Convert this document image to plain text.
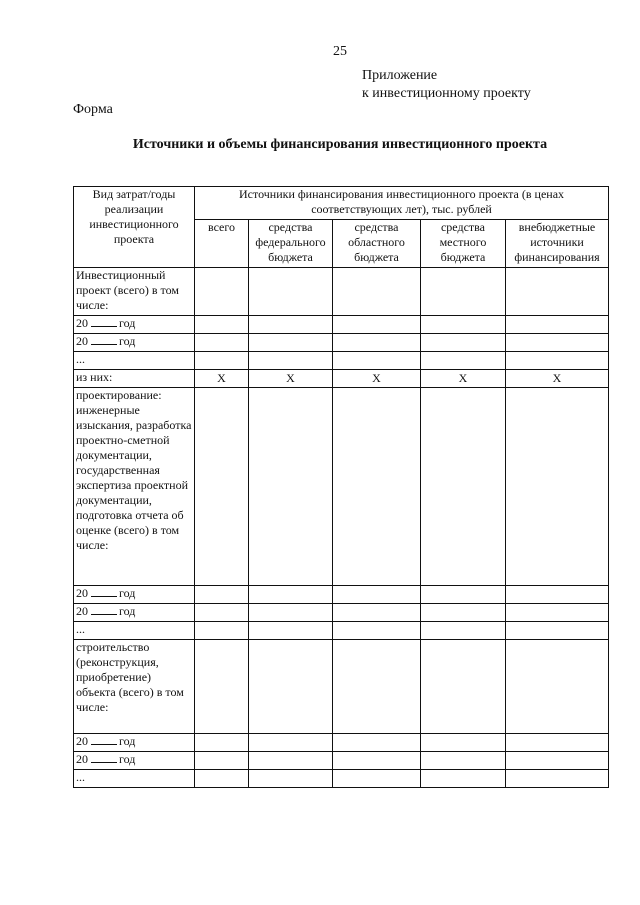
25
Приложение
к инвестиционному проекту
Форма
Источники и объемы финансирования инвестиционного проекта
Вид затрат/годы реализации инвестиционного проекта	Источники финансирования инвестиционного проекта (в ценах соответствующих лет), тыс. рублей				
	всего	средства федерального бюджета	средства областного бюджета	средства местного бюджета	внебюджетные источники финансирования
Инвестиционный проект (всего) в том числе:					
20 год					
20 год					
...					
из них:	X	X	X	X	X
проектирование: инженерные изыскания, разработка проектно-сметной документации, государственная экспертиза проектной документации, подготовка отчета об оценке (всего) в том числе:					
20 год					
20 год					
...					
строительство (реконструкция, приобретение) объекта (всего) в том числе:					
20 год					
20 год					
...					
